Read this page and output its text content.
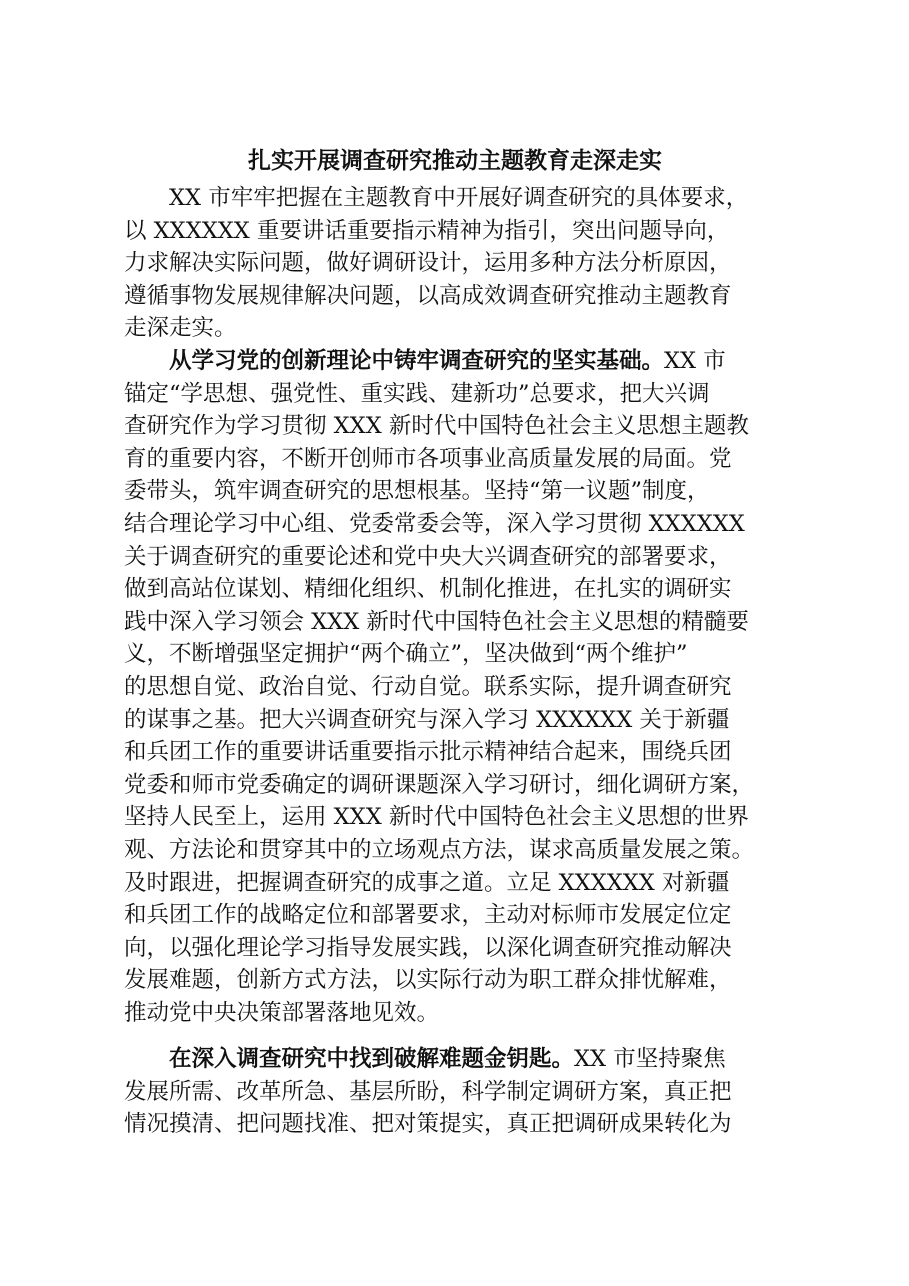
扎实开展调查研究推动主题教育走深走实
XX 市牢牢把握在主题教育中开展好调查研究的具体要求，
以 XXXXXX 重要讲话重要指示精神为指引，突出问题导向，
力求解决实际问题，做好调研设计，运用多种方法分析原因，
遵循事物发展规律解决问题，以高成效调查研究推动主题教育
走深走实。
从学习党的创新理论中铸牢调查研究的坚实基础。XX 市
锚定“学思想、强党性、重实践、建新功”总要求，把大兴调
查研究作为学习贯彻 XXX 新时代中国特色社会主义思想主题教
育的重要内容，不断开创师市各项事业高质量发展的局面。党
委带头，筑牢调查研究的思想根基。坚持“第一议题”制度，
结合理论学习中心组、党委常委会等，深入学习贯彻 XXXXXX
关于调查研究的重要论述和党中央大兴调查研究的部署要求，
做到高站位谋划、精细化组织、机制化推进，在扎实的调研实
践中深入学习领会 XXX 新时代中国特色社会主义思想的精髓要
义，不断增强坚定拥护“两个确立”，坚决做到“两个维护”
的思想自觉、政治自觉、行动自觉。联系实际，提升调查研究
的谋事之基。把大兴调查研究与深入学习 XXXXXX 关于新疆
和兵团工作的重要讲话重要指示批示精神结合起来，围绕兵团
党委和师市党委确定的调研课题深入学习研讨，细化调研方案，
坚持人民至上，运用 XXX 新时代中国特色社会主义思想的世界
观、方法论和贯穿其中的立场观点方法，谋求高质量发展之策。
及时跟进，把握调查研究的成事之道。立足 XXXXXX 对新疆
和兵团工作的战略定位和部署要求，主动对标师市发展定位定
向，以强化理论学习指导发展实践，以深化调查研究推动解决
发展难题，创新方式方法，以实际行动为职工群众排忧解难，
推动党中央决策部署落地见效。
在深入调查研究中找到破解难题金钥匙。XX 市坚持聚焦
发展所需、改革所急、基层所盼，科学制定调研方案，真正把
情况摸清、把问题找准、把对策提实，真正把调研成果转化为
